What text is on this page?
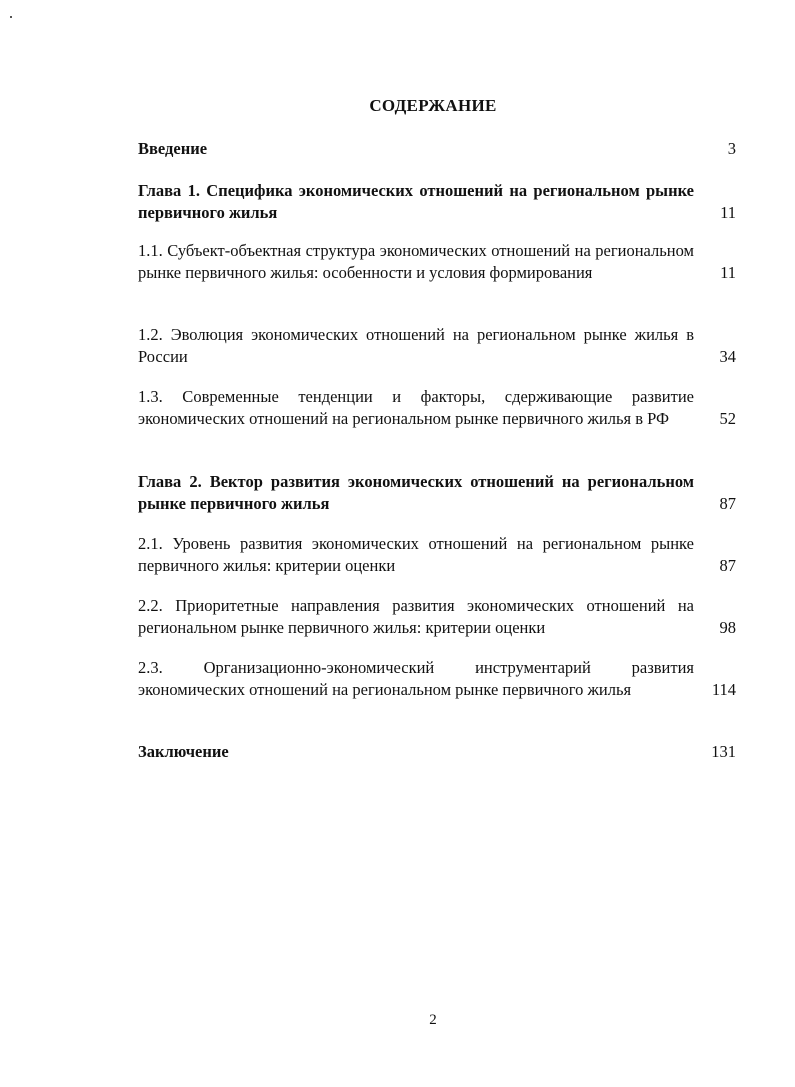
СОДЕРЖАНИЕ
Введение	3
Глава 1. Специфика экономических отношений на региональном рынке первичного жилья	11
1.1. Субъект-объектная структура экономических отношений на региональном рынке первичного жилья: особенности и условия формирования	11
1.2. Эволюция экономических отношений на региональном рынке жилья в России	34
1.3. Современные тенденции и факторы, сдерживающие развитие экономических отношений на региональном рынке первичного жилья в РФ	52
Глава 2. Вектор развития экономических отношений на региональном рынке первичного жилья	87
2.1. Уровень развития экономических отношений на региональном рынке первичного жилья: критерии оценки	87
2.2. Приоритетные направления развития экономических отношений на региональном рынке первичного жилья: критерии оценки	98
2.3. Организационно-экономический инструментарий развития экономических отношений на региональном рынке первичного жилья	114
Заключение	131
2
